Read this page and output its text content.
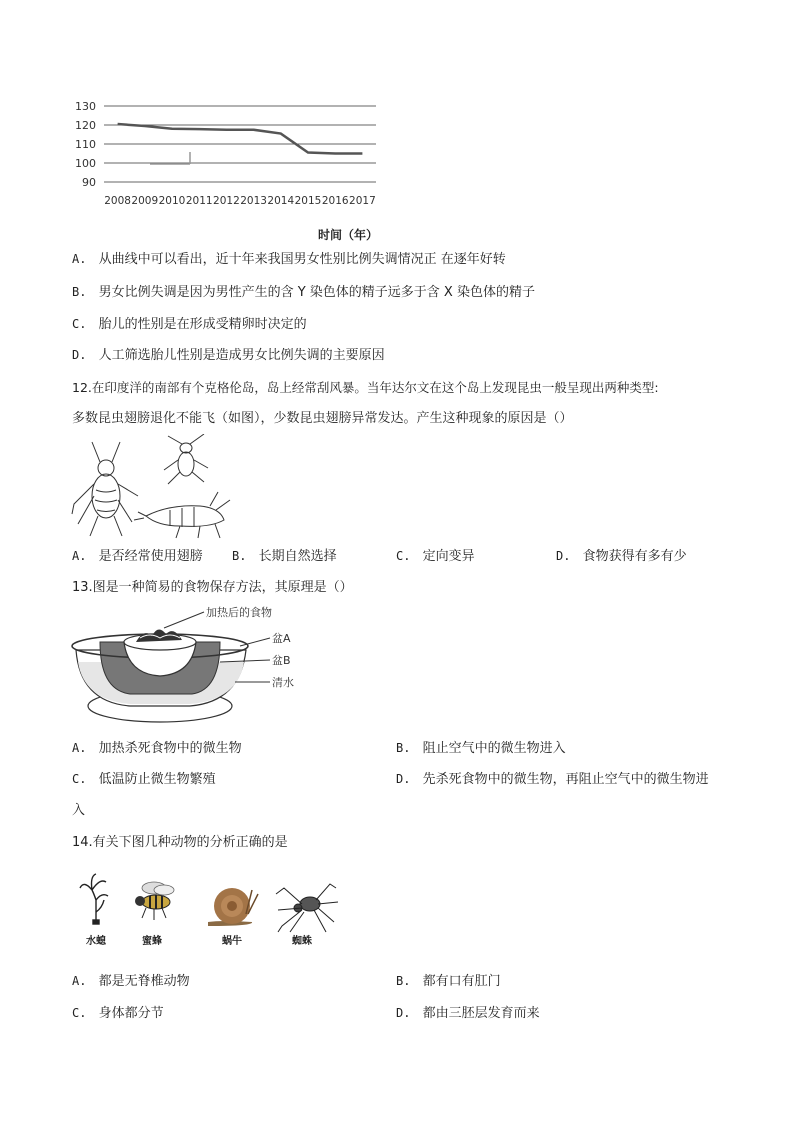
90
100
110
120
130
2008 2009 2010 2011 2012 2013 2014 2015 2016 2017
时间（年）
A. 从曲线中可以看出，近十年来我国男女性别比例失调情况正 在逐年好转
B. 男女比例失调是因为男性产生的含 Y 染色体的精子远多于含 X 染色体的精子
C. 胎儿的性别是在形成受精卵时决定的
D. 人工筛选胎儿性别是造成男女比例失调的主要原因
12.在印度洋的南部有个克格伦岛，岛上经常刮风暴。当年达尔文在这个岛上发现昆虫一般呈现出两种类型:
多数昆虫翅膀退化不能飞（如图），少数昆虫翅膀异常发达。产生这种现象的原因是（）
A. 是否经常使用翅膀 B. 长期自然选择	C. 定向变异	D. 食物获得有多有少
13.图是一种简易的食物保存方法，其原理是（）
加热后的食物
盆A
盆B
清水
A. 加热杀死食物中的微生物	B. 阻止空气中的微生物进入
C. 低温防止微生物繁殖	D. 先杀死食物中的微生物，再阻止空气中的微生物进
入
14.有关下图几种动物的分析正确的是
水螅	蜜蜂	蜗牛	蜘蛛
A. 都是无脊椎动物	B. 都有口有肛门
C. 身体都分节	D. 都由三胚层发育而来
